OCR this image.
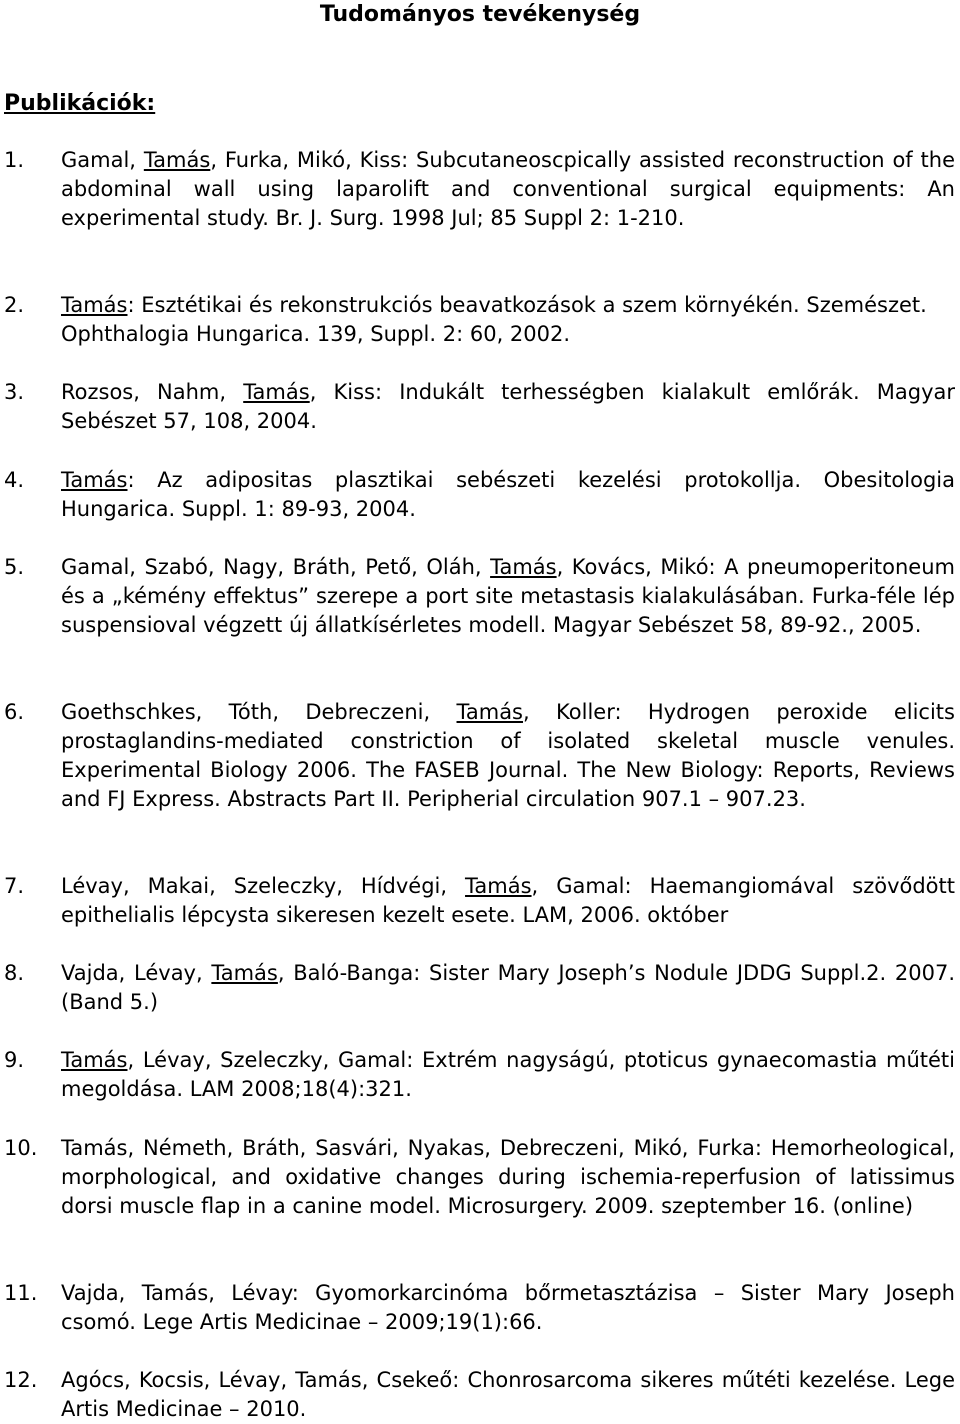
Tudományos tevékenység
Publikációk:
1. Gamal, Tamás, Furka, Mikó, Kiss: Subcutaneoscpically assisted reconstruction of the abdominal wall using laparolift and conventional surgical equipments: An experimental study. Br. J. Surg. 1998 Jul; 85 Suppl 2: 1-210.
2. Tamás: Esztétikai és rekonstrukciós beavatkozások a szem környékén. Szemészet. Ophthalogia Hungarica. 139, Suppl. 2: 60, 2002.
3. Rozsos, Nahm, Tamás, Kiss: Indukált terhességben kialakult emlőrák. Magyar Sebészet 57, 108, 2004.
4. Tamás: Az adipositas plasztikai sebészeti kezelési protokollja. Obesitologia Hungarica. Suppl. 1: 89-93, 2004.
5. Gamal, Szabó, Nagy, Bráth, Pető, Oláh, Tamás, Kovács, Mikó: A pneumoperitoneum és a „kémény effektus” szerepe a port site metastasis kialakulásában. Furka-féle lép suspensioval végzett új állatkísérletes modell. Magyar Sebészet 58, 89-92., 2005.
6. Goethschkes, Tóth, Debreczeni, Tamás, Koller: Hydrogen peroxide elicits prostaglandins-mediated constriction of isolated skeletal muscle venules. Experimental Biology 2006. The FASEB Journal. The New Biology: Reports, Reviews and FJ Express. Abstracts Part II. Peripherial circulation 907.1 – 907.23.
7. Lévay, Makai, Szeleczky, Hídvégi, Tamás, Gamal: Haemangiomával szövődött epithelialis lépcysta sikeresen kezelt esete. LAM, 2006. október
8. Vajda, Lévay, Tamás, Baló-Banga: Sister Mary Joseph’s Nodule JDDG Suppl.2. 2007. (Band 5.)
9. Tamás, Lévay, Szeleczky, Gamal: Extrém nagyságú, ptoticus gynaecomastia műtéti megoldása. LAM 2008;18(4):321.
10. Tamás, Németh, Bráth, Sasvári, Nyakas, Debreczeni, Mikó, Furka: Hemorheological, morphological, and oxidative changes during ischemia-reperfusion of latissimus dorsi muscle flap in a canine model. Microsurgery. 2009. szeptember 16. (online)
11. Vajda, Tamás, Lévay: Gyomorkarcinóma bőrmetasztázisa – Sister Mary Joseph csomó. Lege Artis Medicinae – 2009;19(1):66.
12. Agócs, Kocsis, Lévay, Tamás, Csekeő: Chonrosarcoma sikeres műtéti kezelése. Lege Artis Medicinae – 2010.
